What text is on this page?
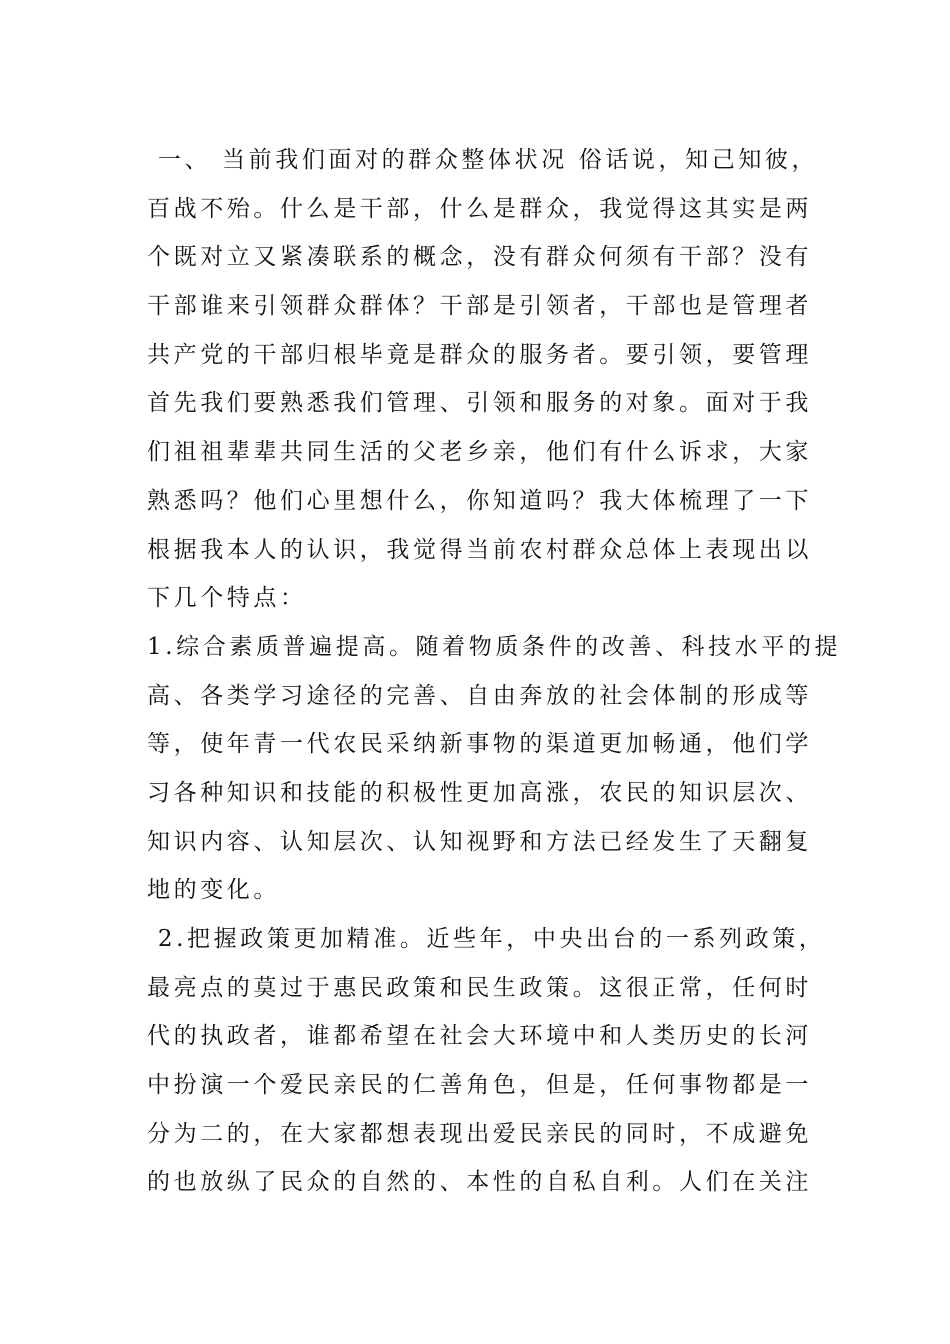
一、 当前我们面对的群众整体状况 俗话说，知己知彼，
百战不殆。什么是干部，什么是群众，我觉得这其实是两
个既对立又紧凑联系的概念，没有群众何须有干部？没有
干部谁来引领群众群体？干部是引领者，干部也是管理者
共产党的干部归根毕竟是群众的服务者。要引领，要管理
首先我们要熟悉我们管理、引领和服务的对象。面对于我
们祖祖辈辈共同生活的父老乡亲，他们有什么诉求，大家
熟悉吗？他们心里想什么，你知道吗？我大体梳理了一下
根据我本人的认识，我觉得当前农村群众总体上表现出以
下几个特点：
1.综合素质普遍提高。随着物质条件的改善、科技水平的提
高、各类学习途径的完善、自由奔放的社会体制的形成等
等，使年青一代农民采纳新事物的渠道更加畅通，他们学
习各种知识和技能的积极性更加高涨，农民的知识层次、
知识内容、认知层次、认知视野和方法已经发生了天翻复
地的变化。
2.把握政策更加精准。近些年，中央出台的一系列政策，
最亮点的莫过于惠民政策和民生政策。这很正常，任何时
代的执政者，谁都希望在社会大环境中和人类历史的长河
中扮演一个爱民亲民的仁善角色，但是，任何事物都是一
分为二的，在大家都想表现出爱民亲民的同时，不成避免
的也放纵了民众的自然的、本性的自私自利。人们在关注
